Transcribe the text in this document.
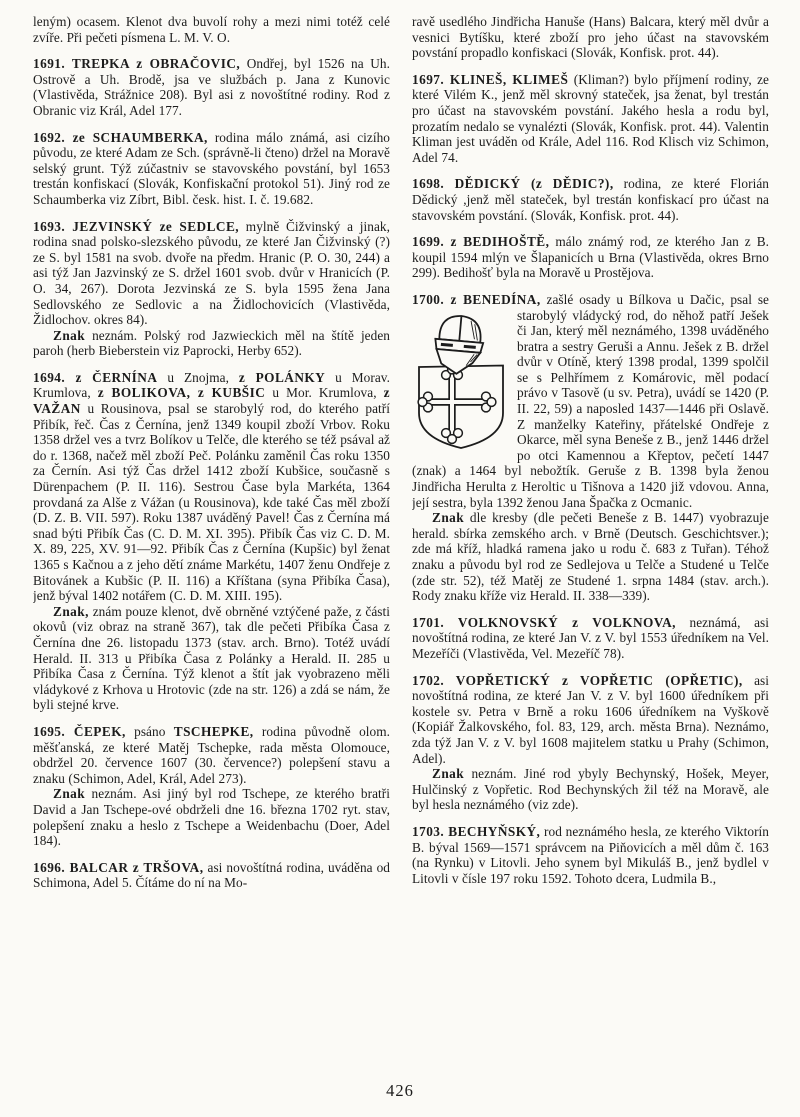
leným) ocasem. Klenot dva buvolí rohy a mezi nimi totéž celé zvíře. Při pečeti písmena L. M. V. O.

1691. TREPKA z OBRAČOVIC, Ondřej, byl 1526 na Uh. Ostrově a Uh. Brodě, jsa ve službách p. Jana z Kunovic (Vlastivěda, Strážnice 208). Byl asi z novoštítné rodiny. Rod z Obranic viz Král, Adel 177.

1692. ze SCHAUMBERKA, rodina málo známá, asi cizího původu, ze které Adam ze Sch. (správně-li čteno) držel na Moravě selský grunt. Týž zúčastniv se stavovského povstání, byl 1653 trestán konfiskací (Slovák, Konfiskační protokol 51). Jiný rod ze Schaumberka viz Zíbrt, Bibl. česk. hist. I. č. 19.682.

1693. JEZVINSKÝ ze SEDLCE, mylně Čižvinský a jinak, rodina snad polsko-slezského původu, ze které Jan Čižvinský (?) ze S. byl 1581 na svob. dvoře na předm. Hranic (P. O. 30, 244) a asi týž Jan Jazvinský ze S. držel 1601 svob. dvůr v Hranicích (P. O. 34, 267). Dorota Jezvinská ze S. byla 1595 žena Jana Sedlovského ze Sedlovic a na Židlochovicích (Vlastivěda, Židlochov. okres 84).

Znak neznám. Polský rod Jazwieckich měl na štítě jeden paroh (herb Bieberstein viz Paprocki, Herby 652).

1694. z ČERNÍNA u Znojma, z POLÁNKY u Morav. Krumlova, z BOLIKOVA, z KUBŠIC u Mor. Krumlova, z VAŽAN u Rousinova, psal se starobylý rod, do kterého patří Přibík, řeč. Čas z Černína, jenž 1349 koupil zboží Vrbov. Roku 1358 držel ves a tvrz Bolíkov u Telče, dle kterého se též psával až do r. 1368, načež měl zboží Peč. Polánku zaměnil Čas roku 1350 za Černín. Asi týž Čas držel 1412 zboží Kubšice, současně s Dürenpachem (P. II. 116). Sestrou Čase byla Markéta, 1364 provdaná za Alše z Vážan (u Rousinova), kde také Čas měl zboží (D. Z. B. VII. 597). Roku 1387 uváděný Pavel! Čas z Černína má snad býti Přibík Čas (C. D. M. XI. 395). Přibík Čas viz C. D. M. X. 89, 225, XV. 91—92. Přibík Čas z Černína (Kupšic) byl ženat 1365 s Kačnou a z jeho dětí známe Markétu, 1407 ženu Ondřeje z Bitovánek a Kubšic (P. II. 116) a Kříštana (syna Přibíka Časa), jenž býval 1402 notářem (C. D. M. XIII. 195).

Znak, znám pouze klenot, dvě obrněné vztýčené paže, z části okovů (viz obraz na straně 367), tak dle pečeti Přibíka Časa z Černína dne 26. listopadu 1373 (stav. arch. Brno). Totéž uvádí Herald. II. 313 u Přibíka Časa z Polánky a Herald. II. 285 u Přibíka Časa z Černína. Týž klenot a štít jak vyobrazeno měli vládykové z Krhova u Hrotovic (zde na str. 126) a zdá se nám, že byli stejné krve.

1695. ČEPEK, psáno TSCHEPKE, rodina původně olom. měšťanská, ze které Matěj Tschepke, rada města Olomouce, obdržel 20. července 1607 (30. července?) polepšení stavu a znaku (Schimon, Adel, Král, Adel 273).

Znak neznám. Asi jiný byl rod Tschepe, ze kterého bratři David a Jan Tschepe-ové obdrželi dne 16. března 1702 ryt. stav, polepšení znaku a heslo z Tschepe a Weidenbachu (Doer, Adel 184).

1696. BALCAR z TRŠOVA, asi novoštítná rodina, uváděna od Schimona, Adel 5. Čítáme do ní na Mo-

ravě usedlého Jindřicha Hanuše (Hans) Balcara, který měl dvůr a vesnici Bytíšku, které zboží pro jeho účast na stavovském povstání propadlo konfiskaci (Slovák, Konfisk. prot. 44).

1697. KLINEŠ, KLIMEŠ (Kliman?) bylo příjmení rodiny, ze které Vilém K., jenž měl skrovný stateček, jsa ženat, byl trestán pro účast na stavovském povstání. Jakého hesla a rodu byl, prozatím nedalo se vynalézti (Slovák, Konfisk. prot. 44). Valentin Kliman jest uváděn od Krále, Adel 116. Rod Klisch viz Schimon, Adel 74.

1698. DĚDICKÝ (z DĚDIC?), rodina, ze které Florián Dědický ,jenž měl stateček, byl trestán konfiskací pro účast na stavovském povstání. (Slovák, Konfisk. prot. 44).

1699. z BEDIHOŠTĚ, málo známý rod, ze kterého Jan z B. koupil 1594 mlýn ve Šlapanicích u Brna (Vlastivěda, okres Brno 299). Bedihošť byla na Moravě u Prostějova.

1700. z BENEDÍNA, zašlé osady u Bílkova u Dačic,
psal se starobylý vládycký rod, do něhož patří Ješek či Jan, který měl neznámého, 1398 uváděného bratra a sestry Geruši a Annu. Ješek z B. držel dvůr v Otíně, který 1398 prodal, 1399 spolčil se s Pelhřímem z Komárovic, měl podací právo v Tasově (u sv. Petra), uvádí se 1420 (P. II. 22, 59) a naposled 1437—1446 při Oslavě. Z manželky Kateřiny, přátelské Ondřeje z Okarce, měl syna Beneše z B., jenž 1446 držel po otci Kamennou a Křeptov, pečetí 1447 (znak) a 1464 byl nebožtík. Geruše z B. 1398 byla ženou Jindřicha Herulta z Heroltic u Tišnova a 1420 již vdovou. Anna, její sestra, byla 1392 ženou Jana Špačka z Ocmanic.

Znak dle kresby (dle pečeti Beneše z B. 1447) vyobrazuje herald. sbírka zemského arch. v Brně (Deutsch. Geschichtsver.); zde má kříž, hladká ramena jako u rodu č. 683 z Tuřan). Téhož znaku a původu byl rod ze Sedlejova u Telče a Studené u Telče (zde str. 52), též Matěj ze Studené 1. srpna 1484 (stav. arch.). Rody znaku kříže viz Herald. II. 338—339).

1701. VOLKNOVSKÝ z VOLKNOVA, neznámá, asi novoštítná rodina, ze které Jan V. z V. byl 1553 úředníkem na Vel. Mezeříči (Vlastivěda, Vel. Mezeříč 78).

1702. VOPŘETICKÝ z VOPŘETIC (OPŘETIC), asi novoštítná rodina, ze které Jan V. z V. byl 1600 úředníkem při kostele sv. Petra v Brně a roku 1606 úředníkem na Vyškově (Kopiář Žalkovského, fol. 83, 129, arch. města Brna). Neznámo, zda týž Jan V. z V. byl 1608 majitelem statku u Prahy (Schimon, Adel).

Znak neznám. Jiné rod ybyly Bechynský, Hošek, Meyer, Hulčinský z Vopřetic. Rod Bechynských žil též na Moravě, ale byl hesla neznámého (viz zde).

1703. BECHYŇSKÝ, rod neznámého hesla, ze kterého Viktorín B. býval 1569—1571 správcem na Piňovicích a měl dům č. 163 (na Rynku) v Litovli. Jeho synem byl Mikuláš B., jenž bydlel v Litovli v čísle 197 roku 1592. Tohoto dcera, Ludmila B.,

426
